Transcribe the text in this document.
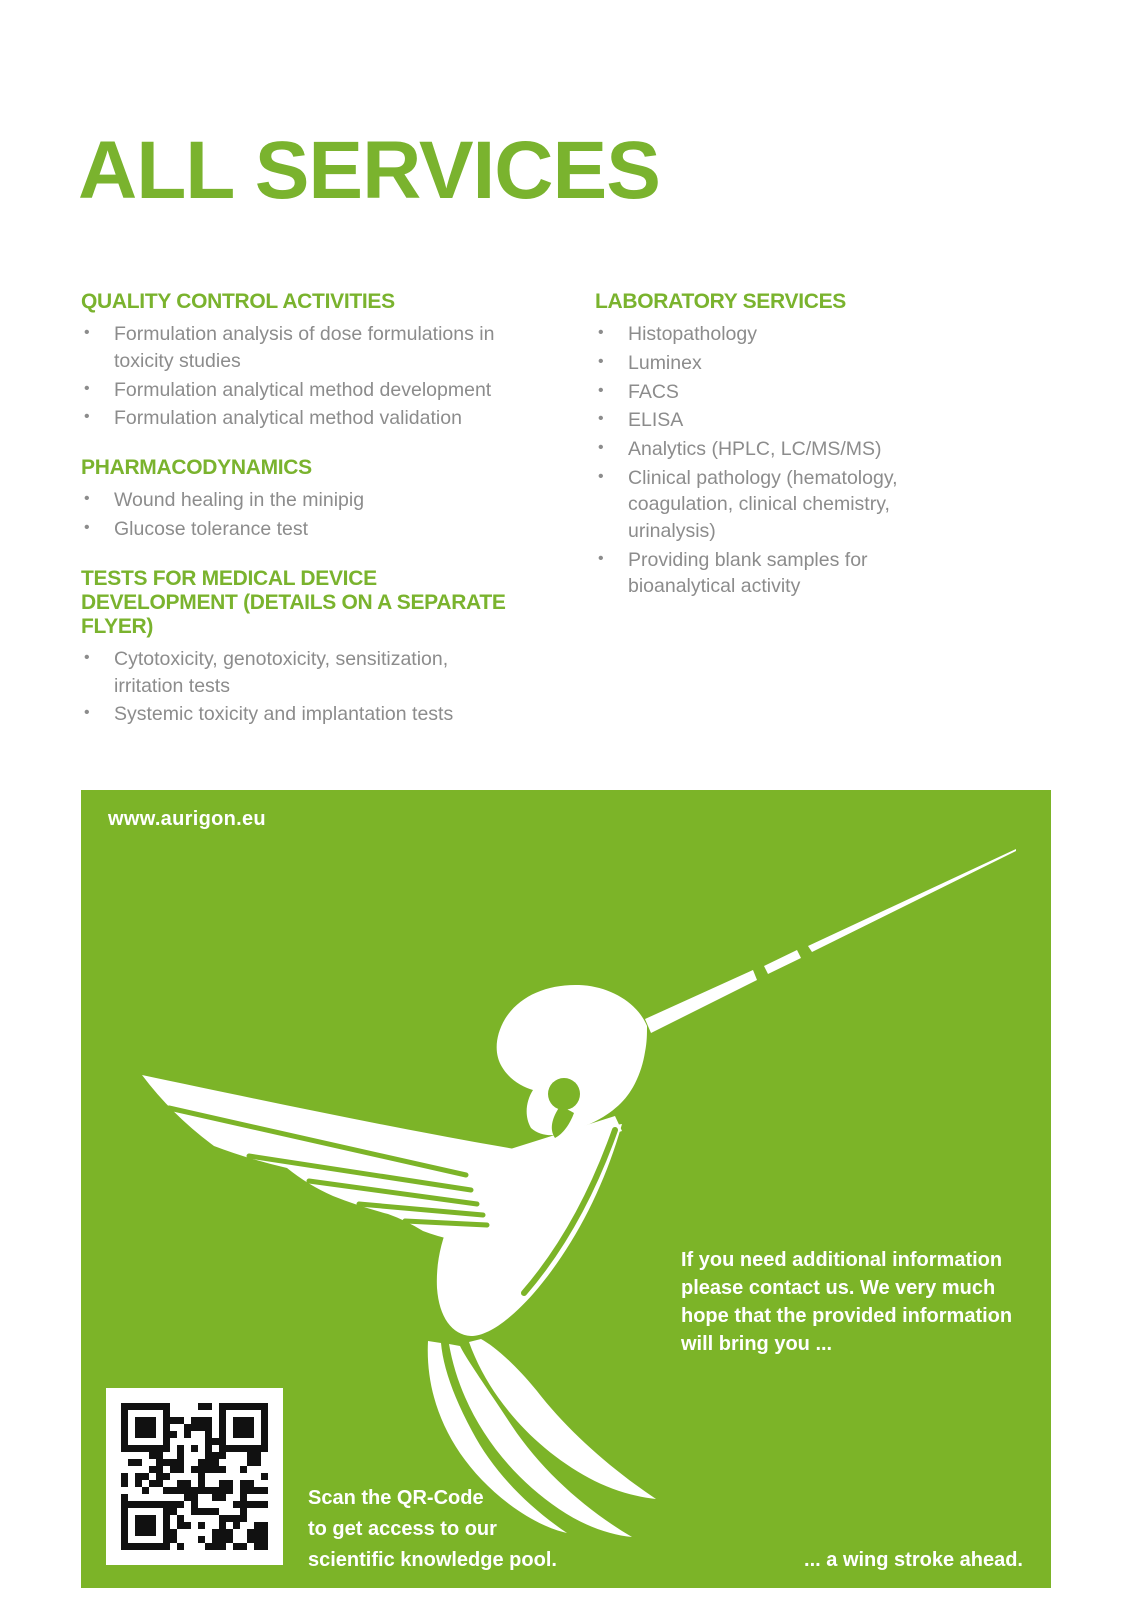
ALL SERVICES
QUALITY CONTROL ACTIVITIES
• Formulation analysis of dose formulations in toxicity studies
• Formulation analytical method development
• Formulation analytical method validation
PHARMACODYNAMICS
• Wound healing in the minipig
• Glucose tolerance test
TESTS FOR MEDICAL DEVICE DEVELOPMENT (DETAILS ON A SEPARATE FLYER)
• Cytotoxicity, genotoxicity, sensitization, irritation tests
• Systemic toxicity and implantation tests
LABORATORY SERVICES
• Histopathology
• Luminex
• FACS
• ELISA
• Analytics (HPLC, LC/MS/MS)
• Clinical pathology (hematology, coagulation, clinical chemistry, urinalysis)
• Providing blank samples for bioanalytical activity
www.aurigon.eu
If you need additional information
please contact us. We very much
hope that the provided information
will bring you ...
Scan the QR-Code
to get access to our
scientific knowledge pool.	... a wing stroke ahead.
